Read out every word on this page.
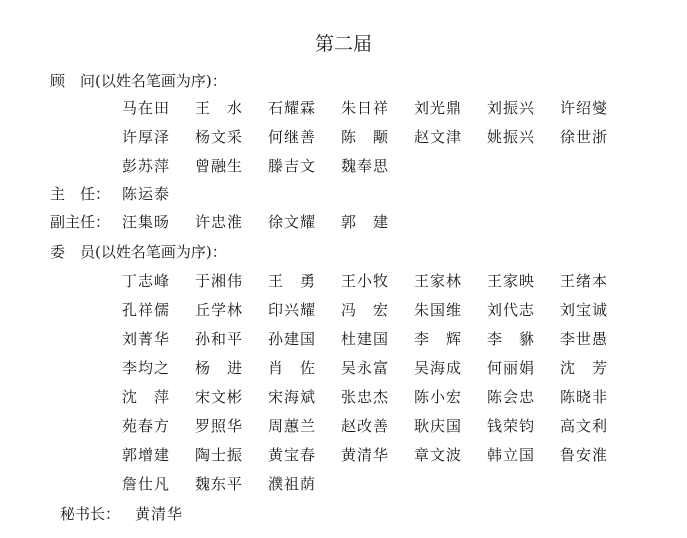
第二届
顾　问(以姓名笔画为序)：
马在田	王　水	石耀霖	朱日祥	刘光鼎	刘振兴	许绍燮
许厚泽	杨文采	何继善	陈　颙	赵文津	姚振兴	徐世浙
彭苏萍	曾融生	滕吉文	魏奉思
主　任： 陈运泰
副主任： 汪集旸 许忠淮 徐文耀 郭　建
委　员(以姓名笔画为序)：
丁志峰	于湘伟	王　勇	王小牧	王家林	王家映	王绪本
孔祥儒	丘学林	印兴耀	冯　宏	朱国维	刘代志	刘宝诚
刘菁华	孙和平	孙建国	杜建国	李　辉	李　貅	李世愚
李均之	杨　进	肖　佐	吴永富	吴海成	何丽娟	沈　芳
沈　萍	宋文彬	宋海斌	张忠杰	陈小宏	陈会忠	陈晓非
苑春方	罗照华	周蕙兰	赵改善	耿庆国	钱荣钧	高文利
郭增建	陶士振	黄宝春	黄清华	章文波	韩立国	鲁安淮
詹仕凡	魏东平	濮祖荫
秘书长： 黄清华
